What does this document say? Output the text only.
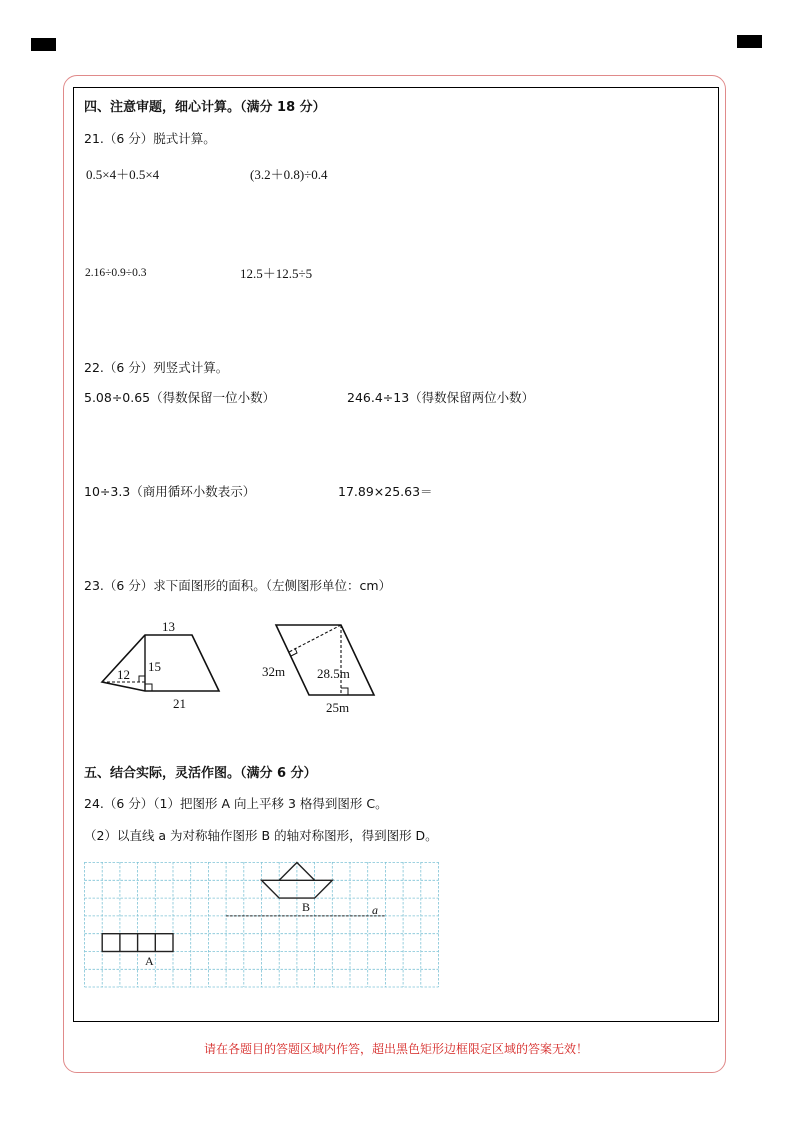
四、注意审题，细心计算。（满分 18 分）
21.（6 分）脱式计算。
0.5×4＋0.5×4	(3.2＋0.8)÷0.4
2.16÷0.9÷0.3	12.5＋12.5÷5
22.（6 分）列竖式计算。
5.08÷0.65（得数保留一位小数）	246.4÷13（得数保留两位小数）
10÷3.3（商用循环小数表示）	17.89×25.63＝
23.（6 分）求下面图形的面积。（左侧图形单位：cm）
13
15
12
21
32m 28.5m
25m
五、结合实际，灵活作图。（满分 6 分）
24.（6 分）（1）把图形 A 向上平移 3 格得到图形 C。
（2）以直线 a 为对称轴作图形 B 的轴对称图形，得到图形 D。
A
B	a
请在各题目的答题区域内作答，超出黑色矩形边框限定区域的答案无效！
